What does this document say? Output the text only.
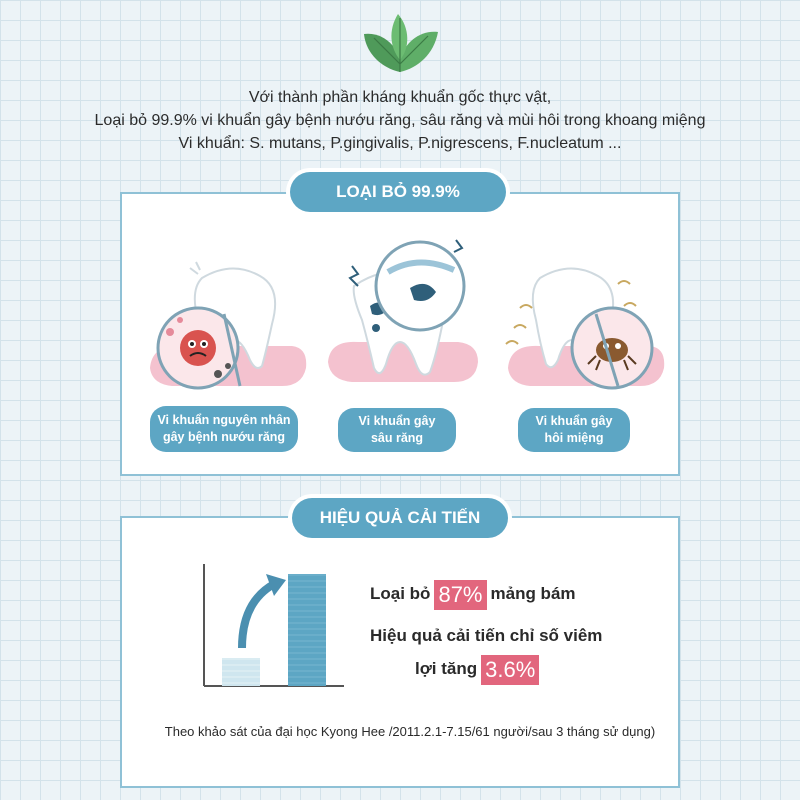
Với thành phần kháng khuẩn gốc thực vật,
Loại bỏ 99.9% vi khuẩn gây bệnh nướu răng, sâu răng và mùi hôi trong khoang miệng
Vi khuẩn: S. mutans, P.gingivalis, P.nigrescens, F.nucleatum ...
LOẠI BỎ 99.9%
Vi khuẩn nguyên nhân
gây bệnh nướu răng
Vi khuẩn gây
sâu răng
Vi khuẩn gây
hôi miệng
HIỆU QUẢ CẢI TIẾN
Loại bỏ 87% mảng bám
Hiệu quả cải tiến chỉ số viêm
lợi tăng 3.6%
Theo khảo sát của đại học Kyong Hee /2011.2.1-7.15/61 người/sau 3 tháng sử dụng)
